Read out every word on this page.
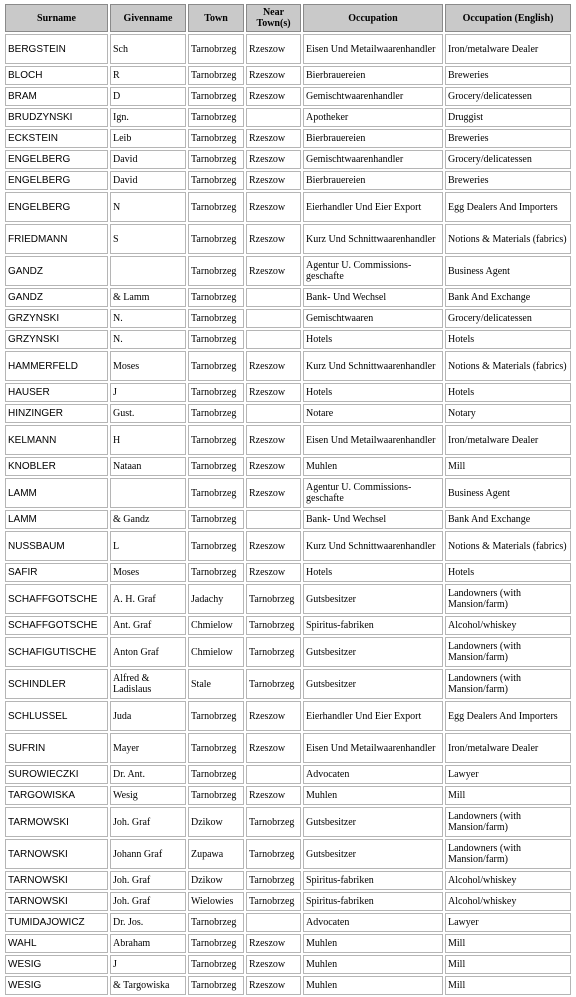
Surname	Givenname	Town	Near Town(s)	Occupation	Occupation (English)
BERGSTEIN	Sch	Tarnobrzeg	Rzeszow	Eisen Und Metailwaarenhandler	Iron/metalware Dealer
BLOCH	R	Tarnobrzeg	Rzeszow	Bierbrauereien	Breweries
BRAM	D	Tarnobrzeg	Rzeszow	Gemischtwaarenhandler	Grocery/delicatessen
BRUDZYNSKI	Ign.	Tarnobrzeg		Apotheker	Druggist
ECKSTEIN	Leib	Tarnobrzeg	Rzeszow	Bierbrauereien	Breweries
ENGELBERG	David	Tarnobrzeg	Rzeszow	Gemischtwaarenhandler	Grocery/delicatessen
ENGELBERG	David	Tarnobrzeg	Rzeszow	Bierbrauereien	Breweries
ENGELBERG	N	Tarnobrzeg	Rzeszow	Eierhandler Und Eier Export	Egg Dealers And Importers
FRIEDMANN	S	Tarnobrzeg	Rzeszow	Kurz Und Schnittwaarenhandler	Notions & Materials (fabrics)
GANDZ		Tarnobrzeg	Rzeszow	Agentur U. Commissions-geschafte	Business Agent
GANDZ	& Lamm	Tarnobrzeg		Bank- Und Wechsel	Bank And Exchange
GRZYNSKI	N.	Tarnobrzeg		Gemischtwaaren	Grocery/delicatessen
GRZYNSKI	N.	Tarnobrzeg		Hotels	Hotels
HAMMERFELD	Moses	Tarnobrzeg	Rzeszow	Kurz Und Schnittwaarenhandler	Notions & Materials (fabrics)
HAUSER	J	Tarnobrzeg	Rzeszow	Hotels	Hotels
HINZINGER	Gust.	Tarnobrzeg		Notare	Notary
KELMANN	H	Tarnobrzeg	Rzeszow	Eisen Und Metailwaarenhandler	Iron/metalware Dealer
KNOBLER	Nataan	Tarnobrzeg	Rzeszow	Muhlen	Mill
LAMM		Tarnobrzeg	Rzeszow	Agentur U. Commissions-geschafte	Business Agent
LAMM	& Gandz	Tarnobrzeg		Bank- Und Wechsel	Bank And Exchange
NUSSBAUM	L	Tarnobrzeg	Rzeszow	Kurz Und Schnittwaarenhandler	Notions & Materials (fabrics)
SAFIR	Moses	Tarnobrzeg	Rzeszow	Hotels	Hotels
SCHAFFGOTSCHE	A. H. Graf	Jadachy	Tarnobrzeg	Gutsbesitzer	Landowners (with Mansion/farm)
SCHAFFGOTSCHE	Ant. Graf	Chmielow	Tarnobrzeg	Spiritus-fabriken	Alcohol/whiskey
SCHAFIGUTISCHE	Anton Graf	Chmielow	Tarnobrzeg	Gutsbesitzer	Landowners (with Mansion/farm)
SCHINDLER	Alfred & Ladislaus	Stale	Tarnobrzeg	Gutsbesitzer	Landowners (with Mansion/farm)
SCHLUSSEL	Juda	Tarnobrzeg	Rzeszow	Eierhandler Und Eier Export	Egg Dealers And Importers
SUFRIN	Mayer	Tarnobrzeg	Rzeszow	Eisen Und Metailwaarenhandler	Iron/metalware Dealer
SUROWIECZKI	Dr. Ant.	Tarnobrzeg		Advocaten	Lawyer
TARGOWISKA	Wesig	Tarnobrzeg	Rzeszow	Muhlen	Mill
TARMOWSKI	Joh. Graf	Dzikow	Tarnobrzeg	Gutsbesitzer	Landowners (with Mansion/farm)
TARNOWSKI	Johann Graf	Zupawa	Tarnobrzeg	Gutsbesitzer	Landowners (with Mansion/farm)
TARNOWSKI	Joh. Graf	Dzikow	Tarnobrzeg	Spiritus-fabriken	Alcohol/whiskey
TARNOWSKI	Joh. Graf	Wielowies	Tarnobrzeg	Spiritus-fabriken	Alcohol/whiskey
TUMIDAJOWICZ	Dr. Jos.	Tarnobrzeg		Advocaten	Lawyer
WAHL	Abraham	Tarnobrzeg	Rzeszow	Muhlen	Mill
WESIG	J	Tarnobrzeg	Rzeszow	Muhlen	Mill
WESIG	& Targowiska	Tarnobrzeg	Rzeszow	Muhlen	Mill
